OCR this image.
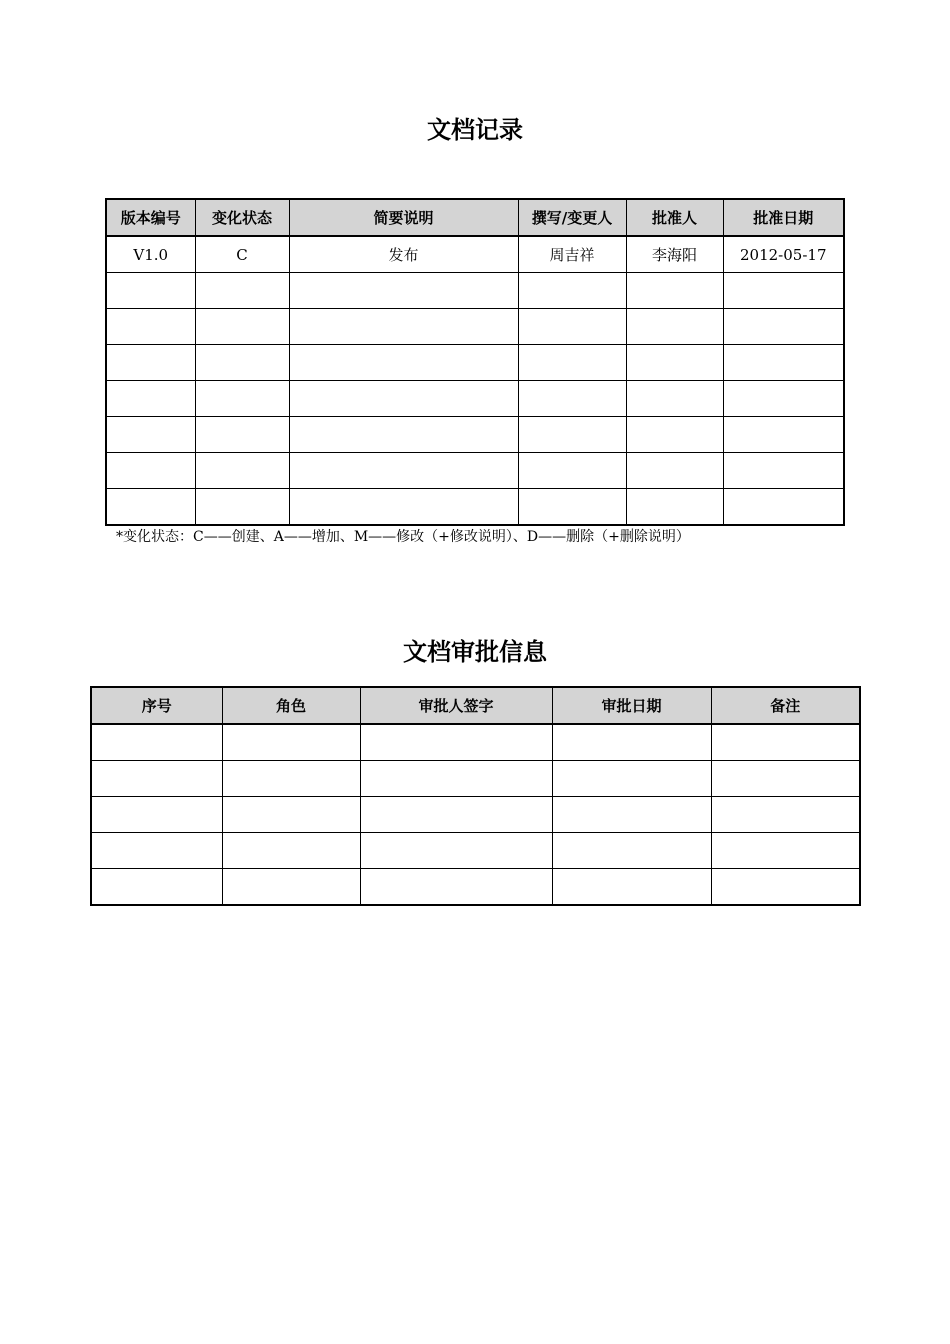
文档记录
版本编号	变化状态	简要说明	撰写/变更人	批准人	批准日期
V1.0	C	发布	周吉祥	李海阳	2012-05-17

*变化状态：C——创建、A——增加、M——修改（+修改说明）、D——删除（+删除说明）
文档审批信息
序号	角色	审批人签字	审批日期	备注
